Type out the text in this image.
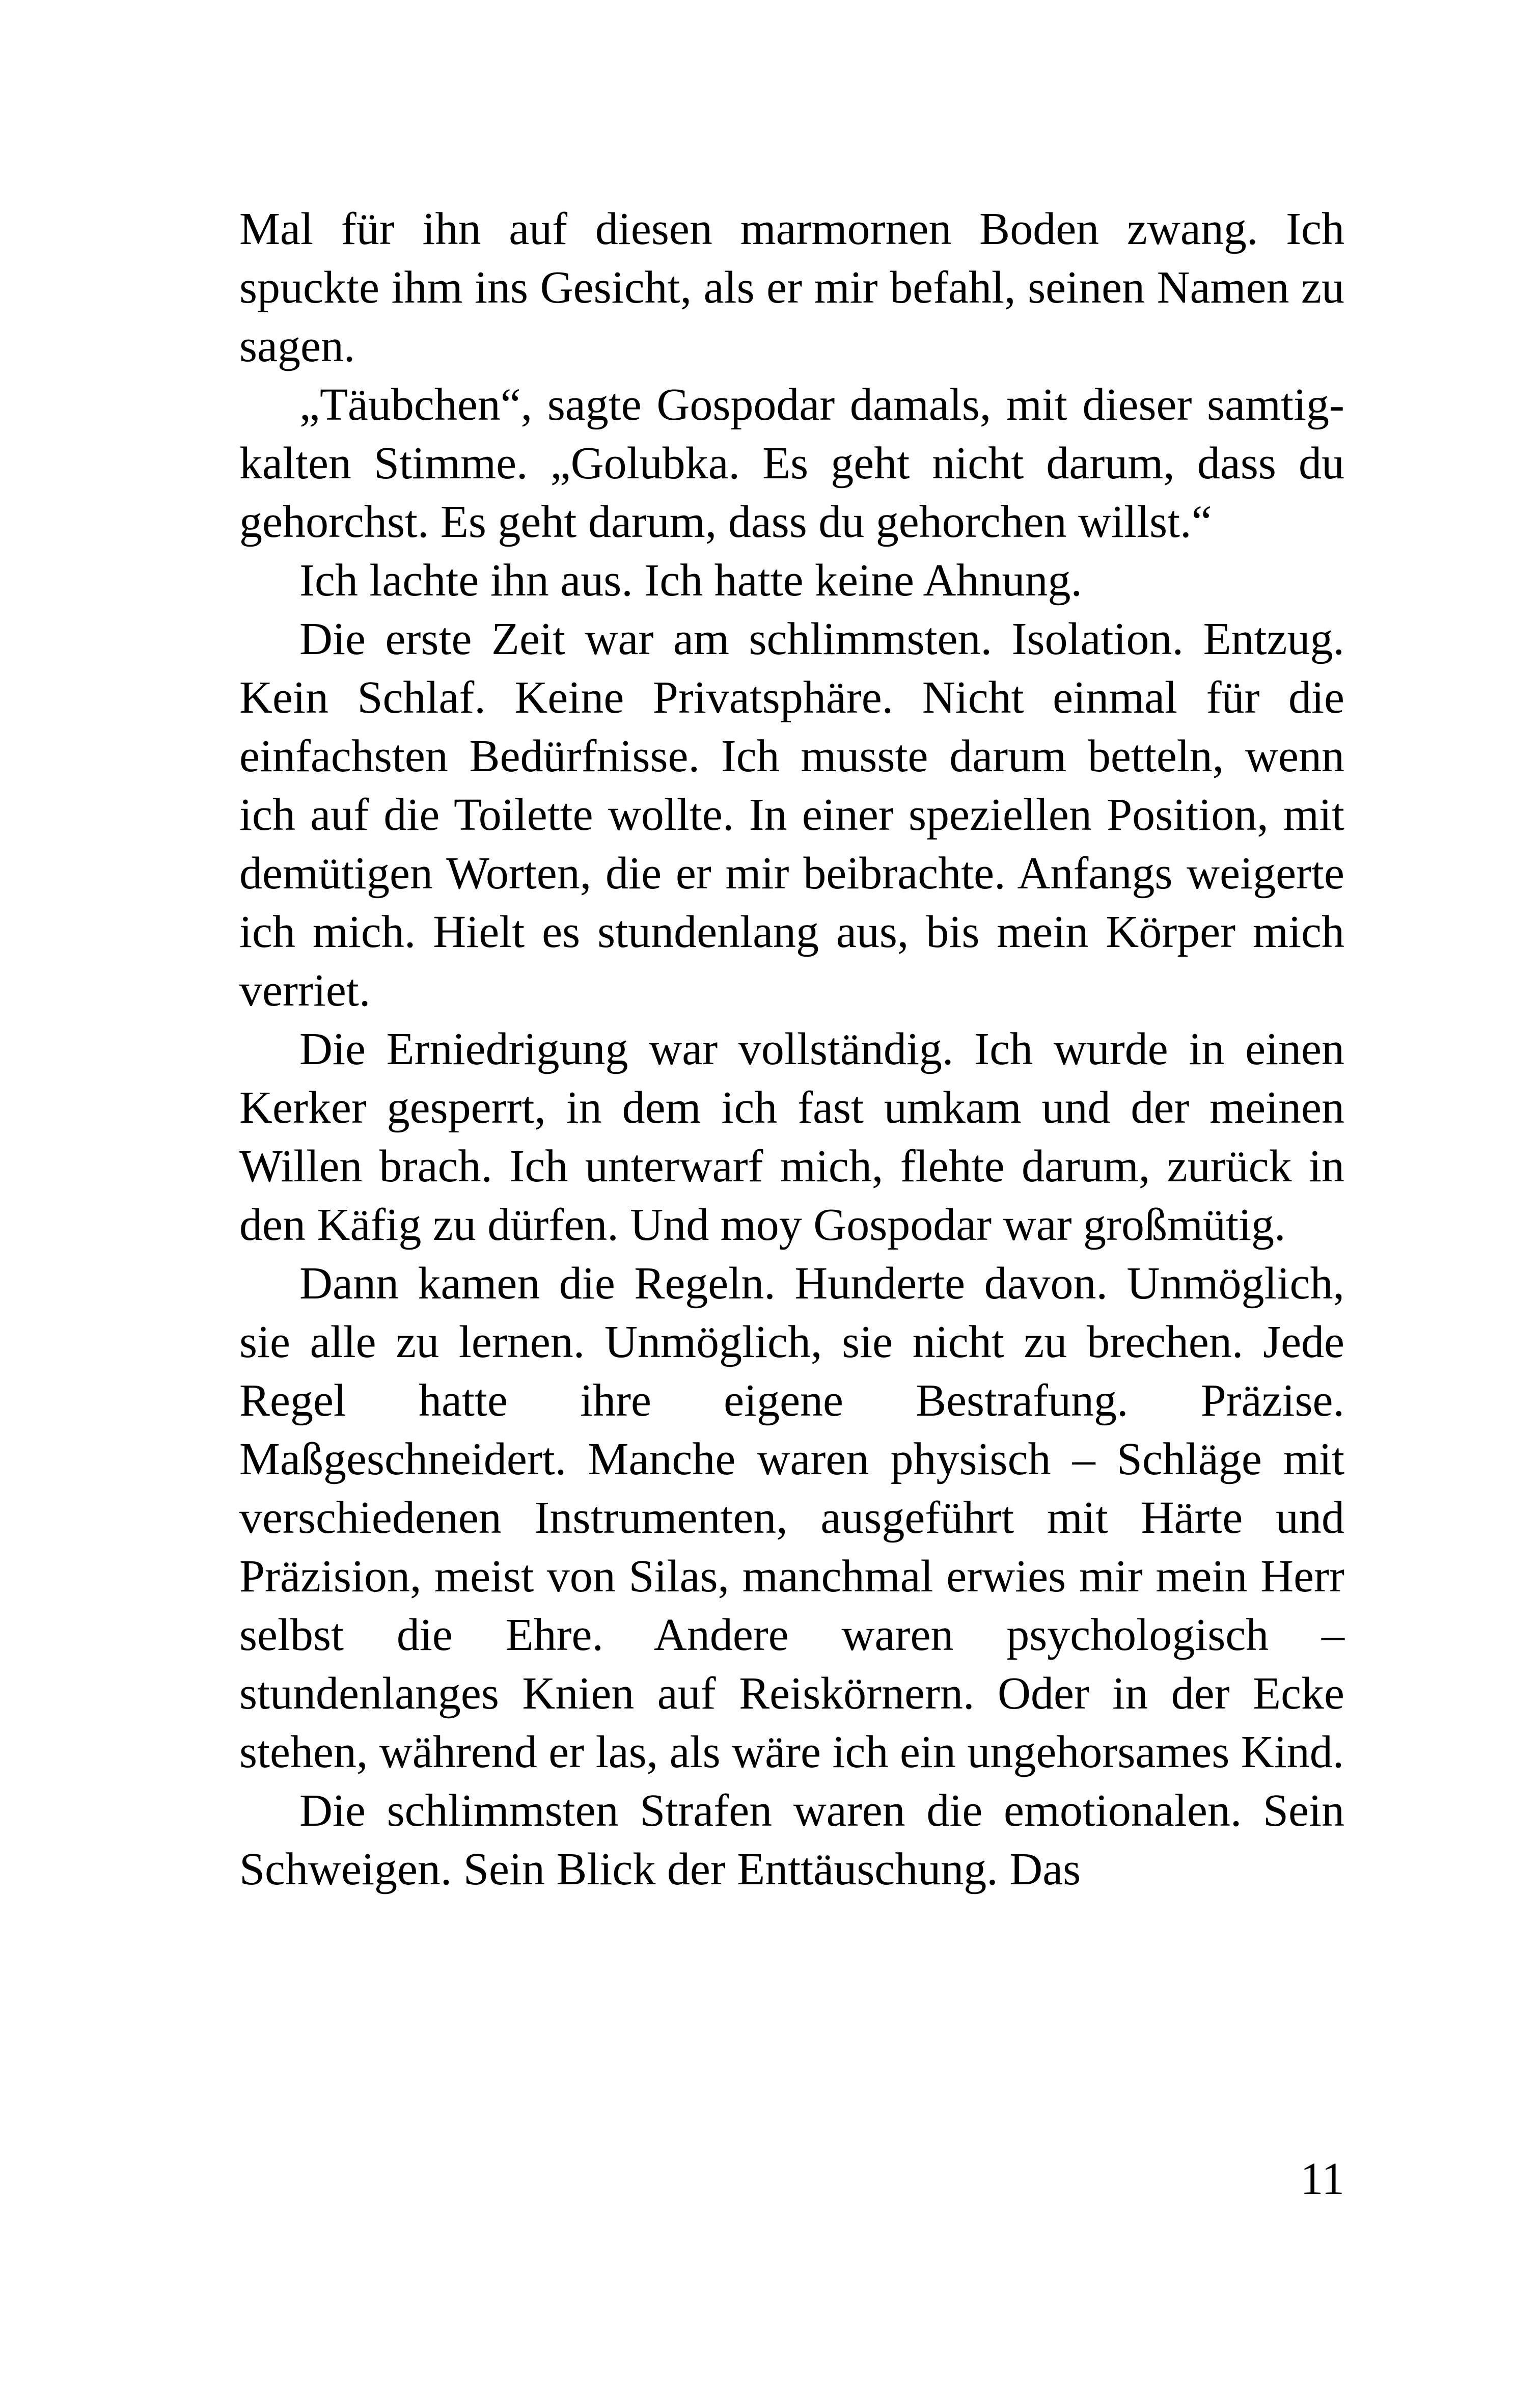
Mal für ihn auf diesen marmornen Boden zwang. Ich spuckte ihm ins Gesicht, als er mir befahl, seinen Namen zu sagen.

„Täubchen“, sagte Gospodar damals, mit dieser samtig-kalten Stimme. „Golubka. Es geht nicht darum, dass du gehorchst. Es geht darum, dass du gehorchen willst.“

Ich lachte ihn aus. Ich hatte keine Ahnung.

Die erste Zeit war am schlimmsten. Isolation. Entzug. Kein Schlaf. Keine Privatsphäre. Nicht einmal für die einfachsten Bedürfnisse. Ich musste darum betteln, wenn ich auf die Toilette wollte. In einer speziellen Position, mit demütigen Worten, die er mir beibrachte. Anfangs weigerte ich mich. Hielt es stundenlang aus, bis mein Körper mich verriet.

Die Erniedrigung war vollständig. Ich wurde in einen Kerker gesperrt, in dem ich fast umkam und der meinen Willen brach. Ich unterwarf mich, flehte darum, zurück in den Käfig zu dürfen. Und moy Gospodar war großmütig.

Dann kamen die Regeln. Hunderte davon. Unmöglich, sie alle zu lernen. Unmöglich, sie nicht zu brechen. Jede Regel hatte ihre eigene Bestrafung. Präzise. Maßgeschneidert. Manche waren physisch – Schläge mit verschiedenen Instrumenten, ausgeführt mit Härte und Präzision, meist von Silas, manchmal erwies mir mein Herr selbst die Ehre. Andere waren psychologisch – stundenlanges Knien auf Reiskörnern. Oder in der Ecke stehen, während er las, als wäre ich ein ungehorsames Kind.

Die schlimmsten Strafen waren die emotionalen. Sein Schweigen. Sein Blick der Enttäuschung. Das

11
